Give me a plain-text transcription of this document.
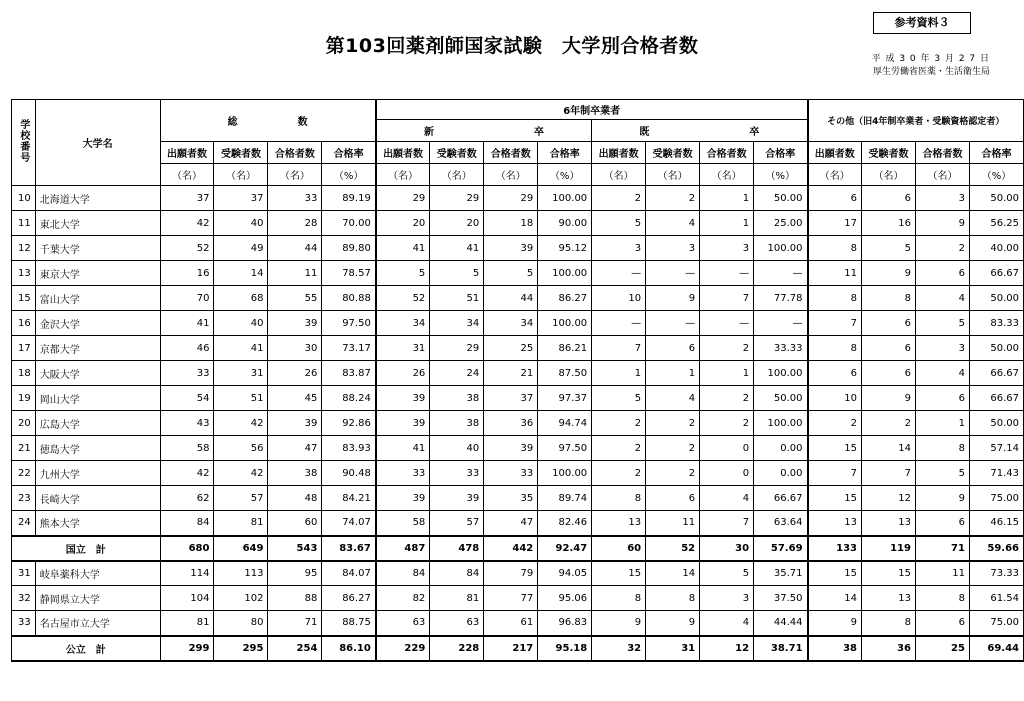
第103回薬剤師国家試験　大学別合格者数
参考資料３
平 成 3 0 年 3 月 2 7 日
厚生労働省医薬・生活衛生局
学校番号	大学名	総　　　　　　数				6年制卒業者								その他（旧4年制卒業者・受験資格認定者）			
						新　　　　　　　　　　卒				既　　　　　　　　　　卒							
		出願者数	受験者数	合格者数	合格率	出願者数	受験者数	合格者数	合格率	出願者数	受験者数	合格者数	合格率	出願者数	受験者数	合格者数	合格率
		（名）	（名）	（名）	（%）	（名）	（名）	（名）	（%）	（名）	（名）	（名）	（%）	（名）	（名）	（名）	（%）
10	北海道大学	37	37	33	89.19	29	29	29	100.00	2	2	1	50.00	6	6	3	50.00
11	東北大学	42	40	28	70.00	20	20	18	90.00	5	4	1	25.00	17	16	9	56.25
12	千葉大学	52	49	44	89.80	41	41	39	95.12	3	3	3	100.00	8	5	2	40.00
13	東京大学	16	14	11	78.57	5	5	5	100.00	—	—	—	—	11	9	6	66.67
15	富山大学	70	68	55	80.88	52	51	44	86.27	10	9	7	77.78	8	8	4	50.00
16	金沢大学	41	40	39	97.50	34	34	34	100.00	—	—	—	—	7	6	5	83.33
17	京都大学	46	41	30	73.17	31	29	25	86.21	7	6	2	33.33	8	6	3	50.00
18	大阪大学	33	31	26	83.87	26	24	21	87.50	1	1	1	100.00	6	6	4	66.67
19	岡山大学	54	51	45	88.24	39	38	37	97.37	5	4	2	50.00	10	9	6	66.67
20	広島大学	43	42	39	92.86	39	38	36	94.74	2	2	2	100.00	2	2	1	50.00
21	徳島大学	58	56	47	83.93	41	40	39	97.50	2	2	0	0.00	15	14	8	57.14
22	九州大学	42	42	38	90.48	33	33	33	100.00	2	2	0	0.00	7	7	5	71.43
23	長崎大学	62	57	48	84.21	39	39	35	89.74	8	6	4	66.67	15	12	9	75.00
24	熊本大学	84	81	60	74.07	58	57	47	82.46	13	11	7	63.64	13	13	6	46.15
国立　計		680	649	543	83.67	487	478	442	92.47	60	52	30	57.69	133	119	71	59.66
31	岐阜薬科大学	114	113	95	84.07	84	84	79	94.05	15	14	5	35.71	15	15	11	73.33
32	静岡県立大学	104	102	88	86.27	82	81	77	95.06	8	8	3	37.50	14	13	8	61.54
33	名古屋市立大学	81	80	71	88.75	63	63	61	96.83	9	9	4	44.44	9	8	6	75.00
公立　計		299	295	254	86.10	229	228	217	95.18	32	31	12	38.71	38	36	25	69.44
